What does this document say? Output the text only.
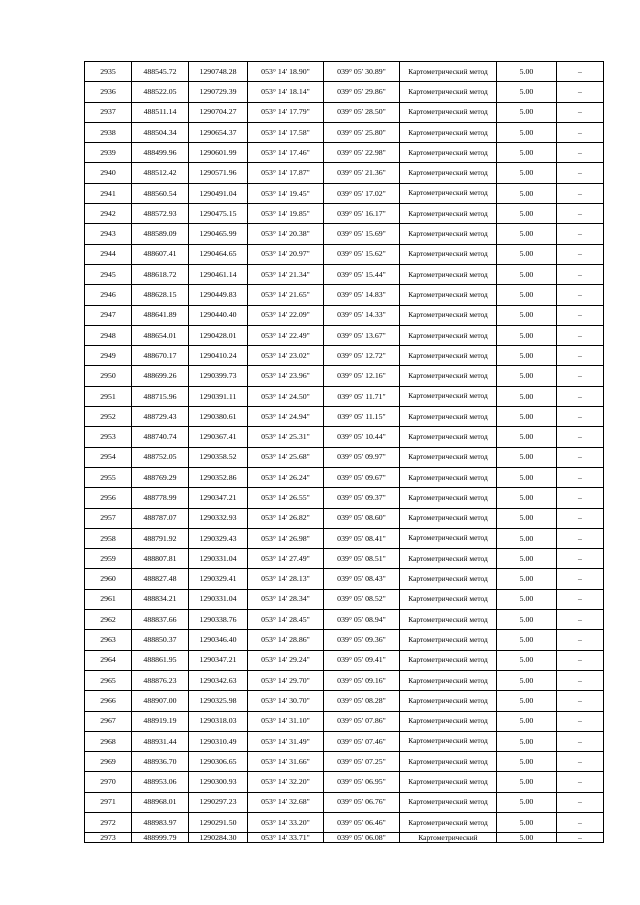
2935	488545.72	1290748.28	053° 14' 18.90"	039° 05' 30.89"	Картометрический метод	5.00	–
2936	488522.05	1290729.39	053° 14' 18.14"	039° 05' 29.86"	Картометрический метод	5.00	–
2937	488511.14	1290704.27	053° 14' 17.79"	039° 05' 28.50"	Картометрический метод	5.00	–
2938	488504.34	1290654.37	053° 14' 17.58"	039° 05' 25.80"	Картометрический метод	5.00	–
2939	488499.96	1290601.99	053° 14' 17.46"	039° 05' 22.98"	Картометрический метод	5.00	–
2940	488512.42	1290571.96	053° 14' 17.87"	039° 05' 21.36"	Картометрический метод	5.00	–
2941	488560.54	1290491.04	053° 14' 19.45"	039° 05' 17.02"	Картометрический метод	5.00	–
2942	488572.93	1290475.15	053° 14' 19.85"	039° 05' 16.17"	Картометрический метод	5.00	–
2943	488589.09	1290465.99	053° 14' 20.38"	039° 05' 15.69"	Картометрический метод	5.00	–
2944	488607.41	1290464.65	053° 14' 20.97"	039° 05' 15.62"	Картометрический метод	5.00	–
2945	488618.72	1290461.14	053° 14' 21.34"	039° 05' 15.44"	Картометрический метод	5.00	–
2946	488628.15	1290449.83	053° 14' 21.65"	039° 05' 14.83"	Картометрический метод	5.00	–
2947	488641.89	1290440.40	053° 14' 22.09"	039° 05' 14.33"	Картометрический метод	5.00	–
2948	488654.01	1290428.01	053° 14' 22.49"	039° 05' 13.67"	Картометрический метод	5.00	–
2949	488670.17	1290410.24	053° 14' 23.02"	039° 05' 12.72"	Картометрический метод	5.00	–
2950	488699.26	1290399.73	053° 14' 23.96"	039° 05' 12.16"	Картометрический метод	5.00	–
2951	488715.96	1290391.11	053° 14' 24.50"	039° 05' 11.71"	Картометрический метод	5.00	–
2952	488729.43	1290380.61	053° 14' 24.94"	039° 05' 11.15"	Картометрический метод	5.00	–
2953	488740.74	1290367.41	053° 14' 25.31"	039° 05' 10.44"	Картометрический метод	5.00	–
2954	488752.05	1290358.52	053° 14' 25.68"	039° 05' 09.97"	Картометрический метод	5.00	–
2955	488769.29	1290352.86	053° 14' 26.24"	039° 05' 09.67"	Картометрический метод	5.00	–
2956	488778.99	1290347.21	053° 14' 26.55"	039° 05' 09.37"	Картометрический метод	5.00	–
2957	488787.07	1290332.93	053° 14' 26.82"	039° 05' 08.60"	Картометрический метод	5.00	–
2958	488791.92	1290329.43	053° 14' 26.98"	039° 05' 08.41"	Картометрический метод	5.00	–
2959	488807.81	1290331.04	053° 14' 27.49"	039° 05' 08.51"	Картометрический метод	5.00	–
2960	488827.48	1290329.41	053° 14' 28.13"	039° 05' 08.43"	Картометрический метод	5.00	–
2961	488834.21	1290331.04	053° 14' 28.34"	039° 05' 08.52"	Картометрический метод	5.00	–
2962	488837.66	1290338.76	053° 14' 28.45"	039° 05' 08.94"	Картометрический метод	5.00	–
2963	488850.37	1290346.40	053° 14' 28.86"	039° 05' 09.36"	Картометрический метод	5.00	–
2964	488861.95	1290347.21	053° 14' 29.24"	039° 05' 09.41"	Картометрический метод	5.00	–
2965	488876.23	1290342.63	053° 14' 29.70"	039° 05' 09.16"	Картометрический метод	5.00	–
2966	488907.00	1290325.98	053° 14' 30.70"	039° 05' 08.28"	Картометрический метод	5.00	–
2967	488919.19	1290318.03	053° 14' 31.10"	039° 05' 07.86"	Картометрический метод	5.00	–
2968	488931.44	1290310.49	053° 14' 31.49"	039° 05' 07.46"	Картометрический метод	5.00	–
2969	488936.70	1290306.65	053° 14' 31.66"	039° 05' 07.25"	Картометрический метод	5.00	–
2970	488953.06	1290300.93	053° 14' 32.20"	039° 05' 06.95"	Картометрический метод	5.00	–
2971	488968.01	1290297.23	053° 14' 32.68"	039° 05' 06.76"	Картометрический метод	5.00	–
2972	488983.97	1290291.50	053° 14' 33.20"	039° 05' 06.46"	Картометрический метод	5.00	–
2973	488999.79	1290284.30	053° 14' 33.71"	039° 05' 06.08"	Картометрический	5.00	–
